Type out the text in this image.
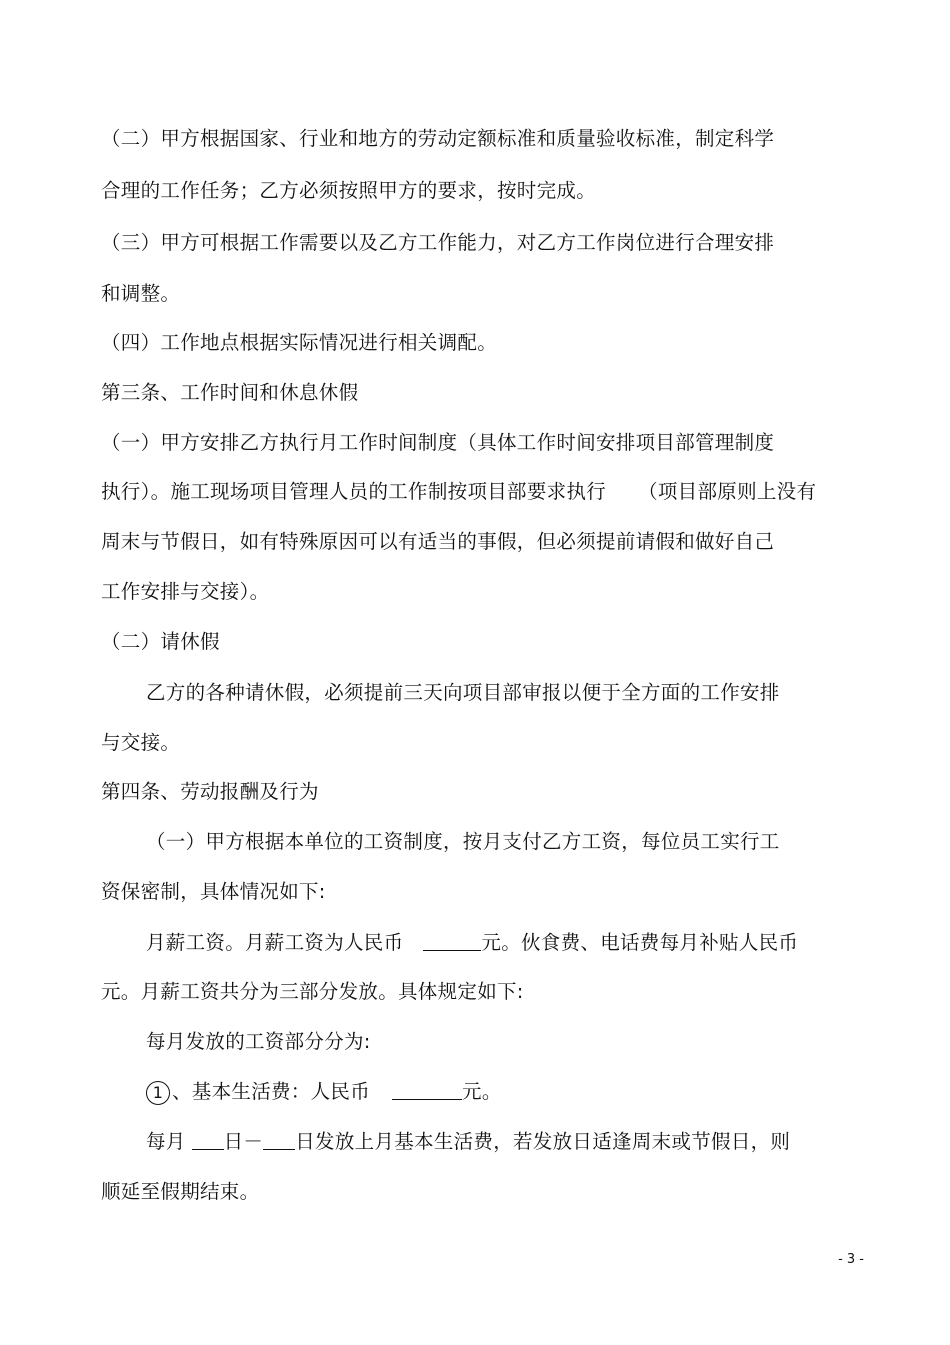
（二）甲方根据国家、行业和地方的劳动定额标准和质量验收标准，制定科学
合理的工作任务；乙方必须按照甲方的要求，按时完成。
（三）甲方可根据工作需要以及乙方工作能力，对乙方工作岗位进行合理安排
和调整。
（四）工作地点根据实际情况进行相关调配。
第三条、工作时间和休息休假
（一）甲方安排乙方执行月工作时间制度（具体工作时间安排项目部管理制度
执行）。施工现场项目管理人员的工作制按项目部要求执行 （项目部原则上没有
周末与节假日，如有特殊原因可以有适当的事假，但必须提前请假和做好自己
工作安排与交接）。
（二）请休假
乙方的各种请休假，必须提前三天向项目部审报以便于全方面的工作安排
与交接。
第四条、劳动报酬及行为
（一）甲方根据本单位的工资制度，按月支付乙方工资，每位员工实行工
资保密制，具体情况如下:
月薪工资。月薪工资为人民币	元。伙食费、电话费每月补贴人民币
元。月薪工资共分为三部分发放。具体规定如下:
每月发放的工资部分分为:
1 、基本生活费：人民币	元。
每月 日－ 日发放上月基本生活费，若发放日适逢周末或节假日，则
顺延至假期结束。
- 3 -
